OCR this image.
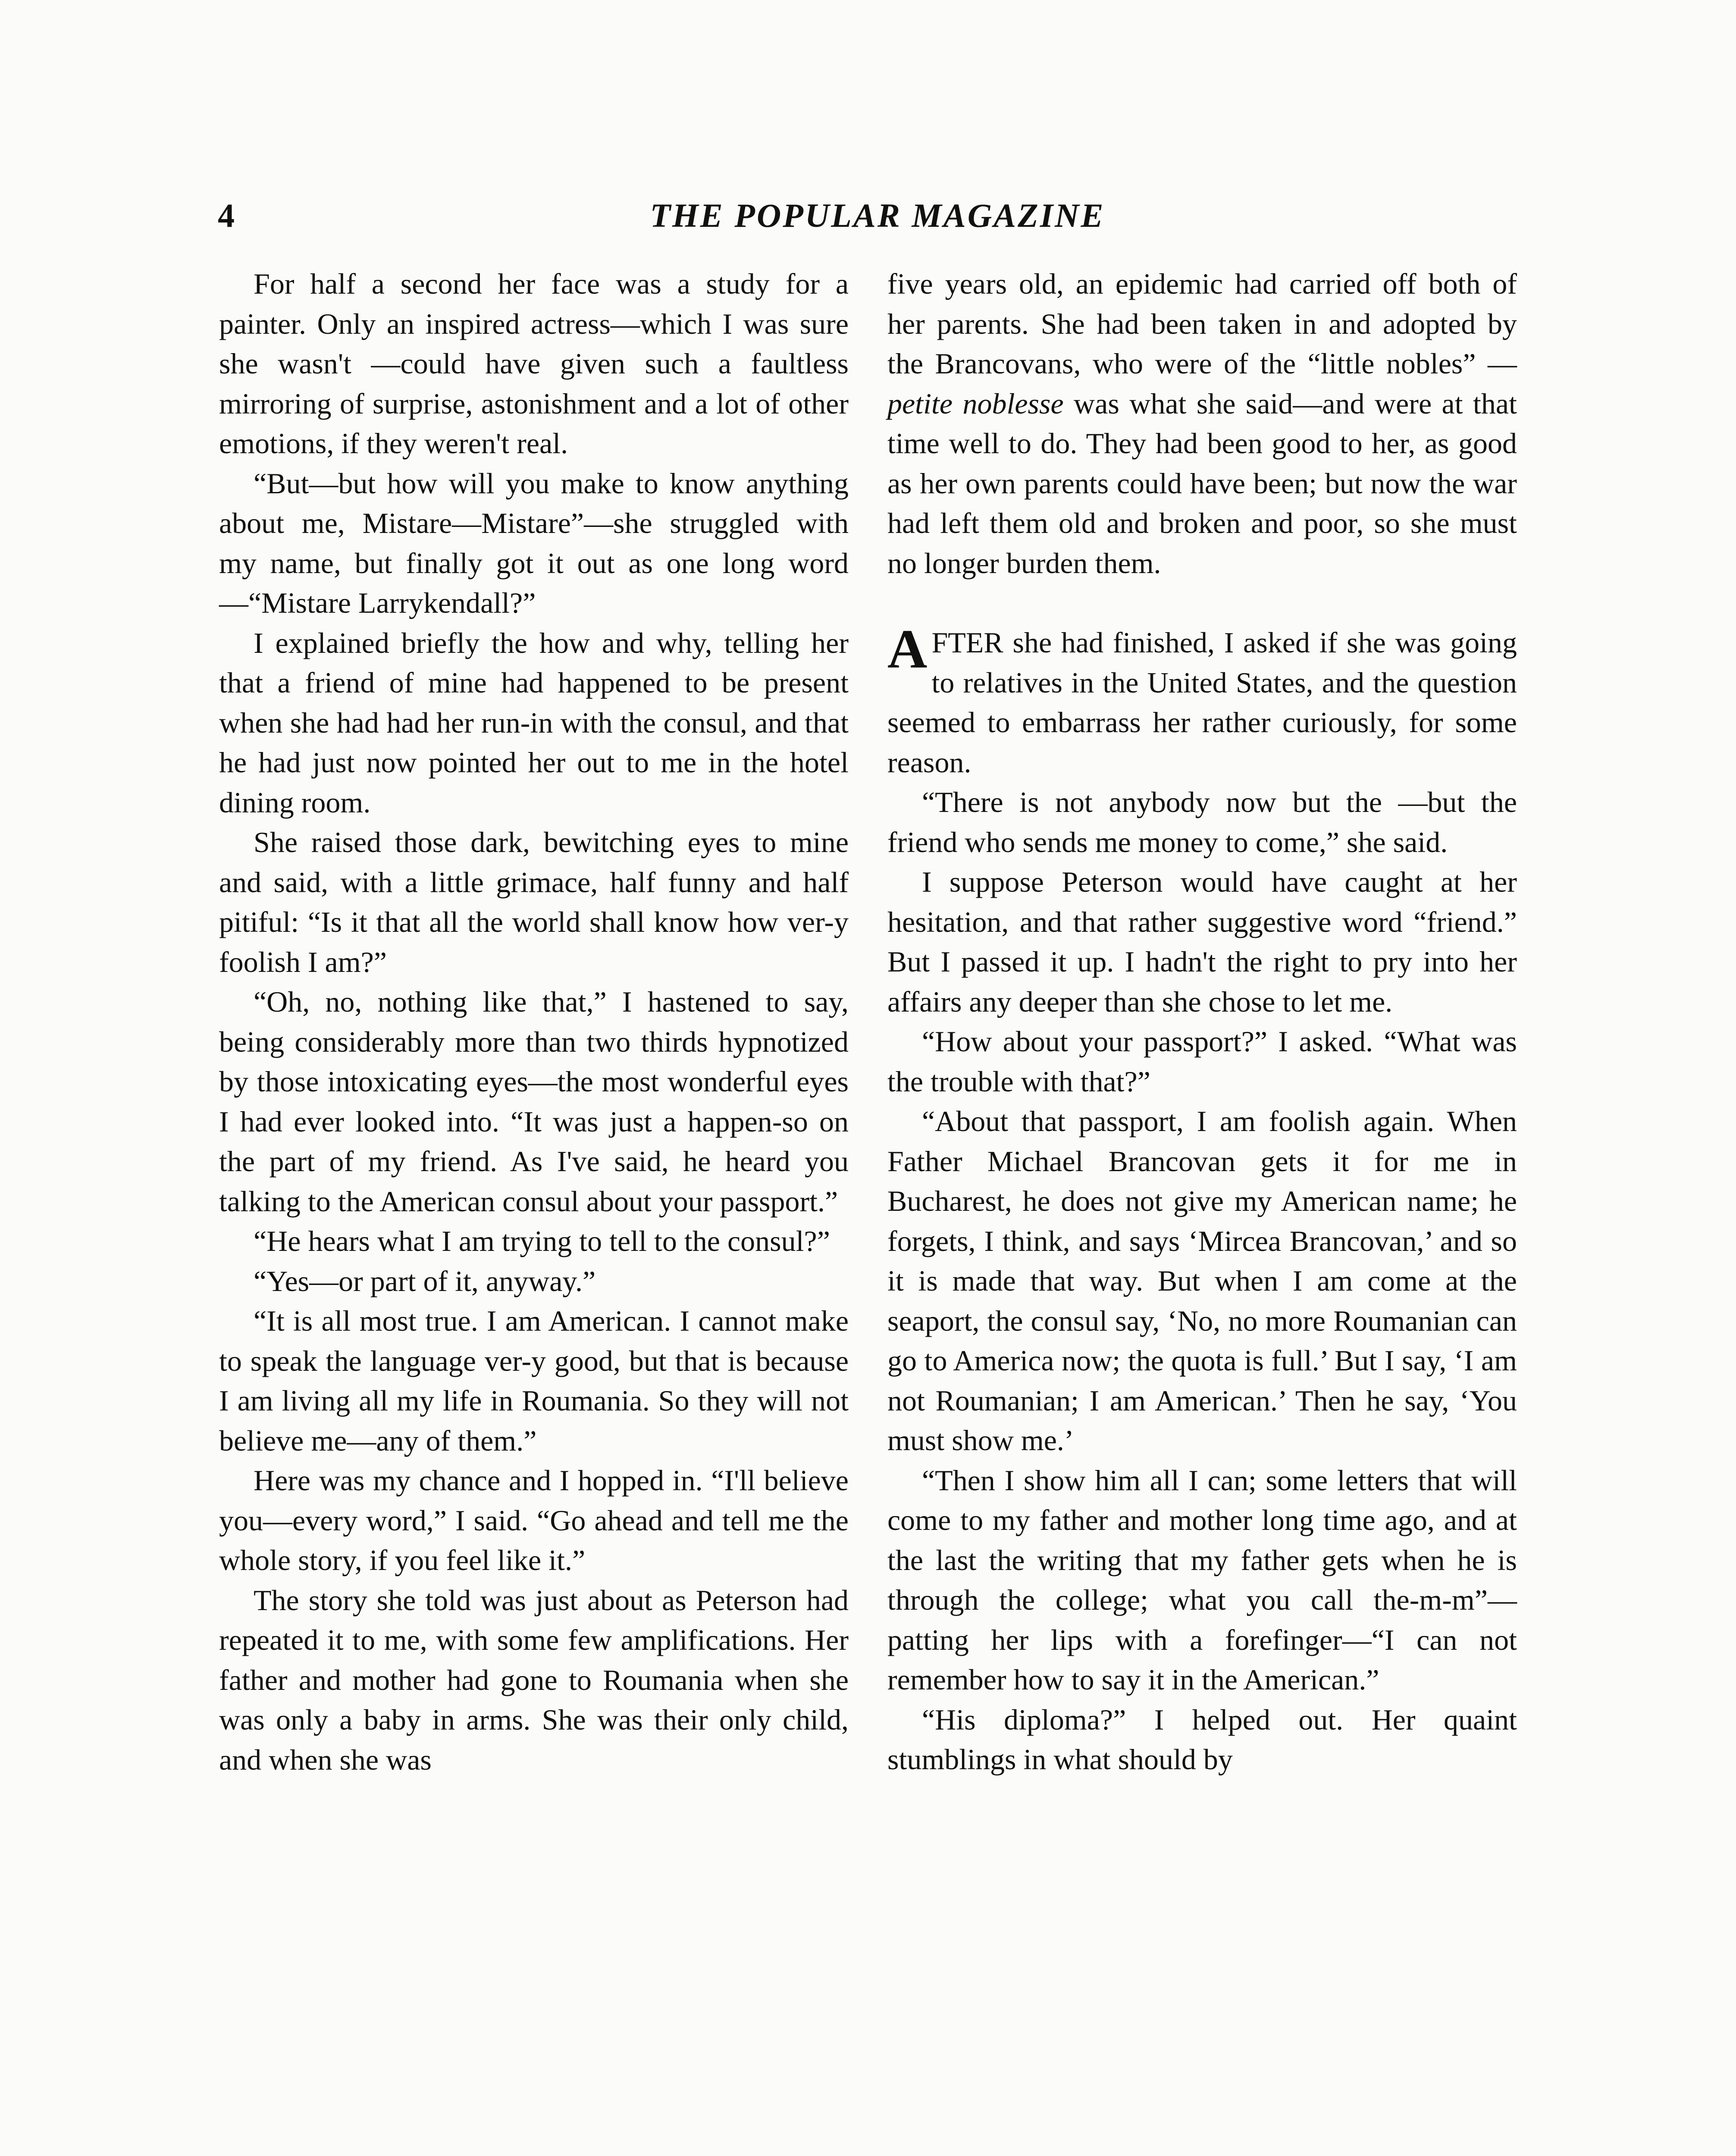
4	THE POPULAR MAGAZINE

For half a second her face was a study for a painter. Only an inspired actress—which I was sure she wasn't —could have given such a faultless mirroring of surprise, astonishment and a lot of other emotions, if they weren't real.

“But—but how will you make to know anything about me, Mistare—Mistare”—she struggled with my name, but finally got it out as one long word —“Mistare Larrykendall?”

I explained briefly the how and why, telling her that a friend of mine had happened to be present when she had had her run-in with the consul, and that he had just now pointed her out to me in the hotel dining room.

She raised those dark, bewitching eyes to mine and said, with a little grimace, half funny and half pitiful: “Is it that all the world shall know how ver-y foolish I am?”

“Oh, no, nothing like that,” I hastened to say, being considerably more than two thirds hypnotized by those intoxicating eyes—the most wonderful eyes I had ever looked into. “It was just a happen-so on the part of my friend. As I've said, he heard you talking to the American consul about your passport.”

“He hears what I am trying to tell to the consul?”

“Yes—or part of it, anyway.”

“It is all most true. I am American. I cannot make to speak the language ver-y good, but that is because I am living all my life in Roumania. So they will not believe me—any of them.”

Here was my chance and I hopped in. “I'll believe you—every word,” I said. “Go ahead and tell me the whole story, if you feel like it.”

The story she told was just about as Peterson had repeated it to me, with some few amplifications. Her father and mother had gone to Roumania when she was only a baby in arms. She was their only child, and when she was

five years old, an epidemic had carried off both of her parents. She had been taken in and adopted by the Brancovans, who were of the “little nobles” —petite noblesse was what she said—and were at that time well to do. They had been good to her, as good as her own parents could have been; but now the war had left them old and broken and poor, so she must no longer burden them.

AFTER she had finished, I asked if she was going to relatives in the United States, and the question seemed to embarrass her rather curiously, for some reason.

“There is not anybody now but the —but the friend who sends me money to come,” she said.

I suppose Peterson would have caught at her hesitation, and that rather suggestive word “friend.” But I passed it up. I hadn't the right to pry into her affairs any deeper than she chose to let me.

“How about your passport?” I asked. “What was the trouble with that?”

“About that passport, I am foolish again. When Father Michael Brancovan gets it for me in Bucharest, he does not give my American name; he forgets, I think, and says ‘Mircea Brancovan,’ and so it is made that way. But when I am come at the seaport, the consul say, ‘No, no more Roumanian can go to America now; the quota is full.’ But I say, ‘I am not Roumanian; I am American.’ Then he say, ‘You must show me.’

“Then I show him all I can; some letters that will come to my father and mother long time ago, and at the last the writing that my father gets when he is through the college; what you call the-m-m”—patting her lips with a forefinger—“I can not remember how to say it in the American.”

“His diploma?” I helped out. Her quaint stumblings in what should by
